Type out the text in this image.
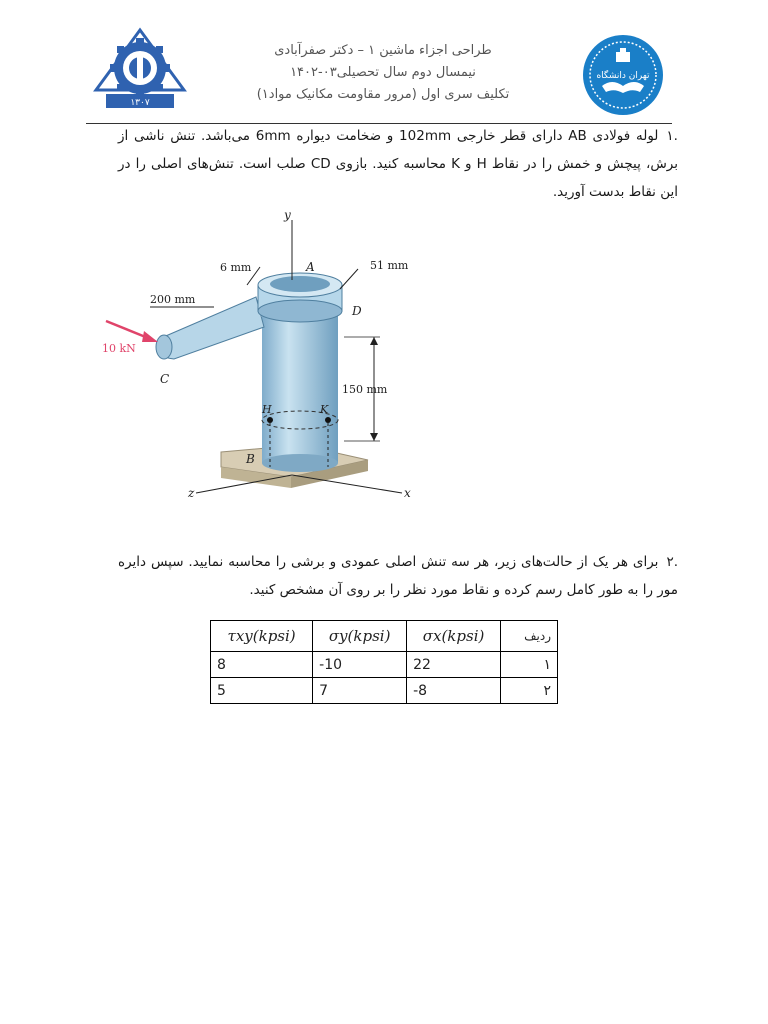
۱۳۰۷
تهران دانشگاه
طراحی اجزاء ماشین ۱ – دکتر صفرآبادی
نیمسال دوم سال تحصیلی۰۳-۱۴۰۲
تکلیف سری اول (مرور مقاومت مکانیک مواد۱)
.۱لوله فولادی AB دارای قطر خارجی 102mm و ضخامت دیواره 6mm می‌باشد. تنش ناشی از برش، پیچش و خمش را در نقاط H و K محاسبه کنید. بازوی CD صلب است. تنش‌های اصلی را در این نقاط بدست آورید.
y
A
D
C
B
H	K
z	x
6 mm	51 mm
200 mm
150 mm
10 kN
.۲برای هر یک از حالت‌های زیر، هر سه تنش اصلی عمودی و برشی را محاسبه نمایید. سپس دایره مور را به طور کامل رسم کرده و نقاط مورد نظر را بر روی آن مشخص کنید.
ردیف	σx(kpsi)	σy(kpsi)	τxy(kpsi)
۱	22	-10	8
۲	-8	7	5
